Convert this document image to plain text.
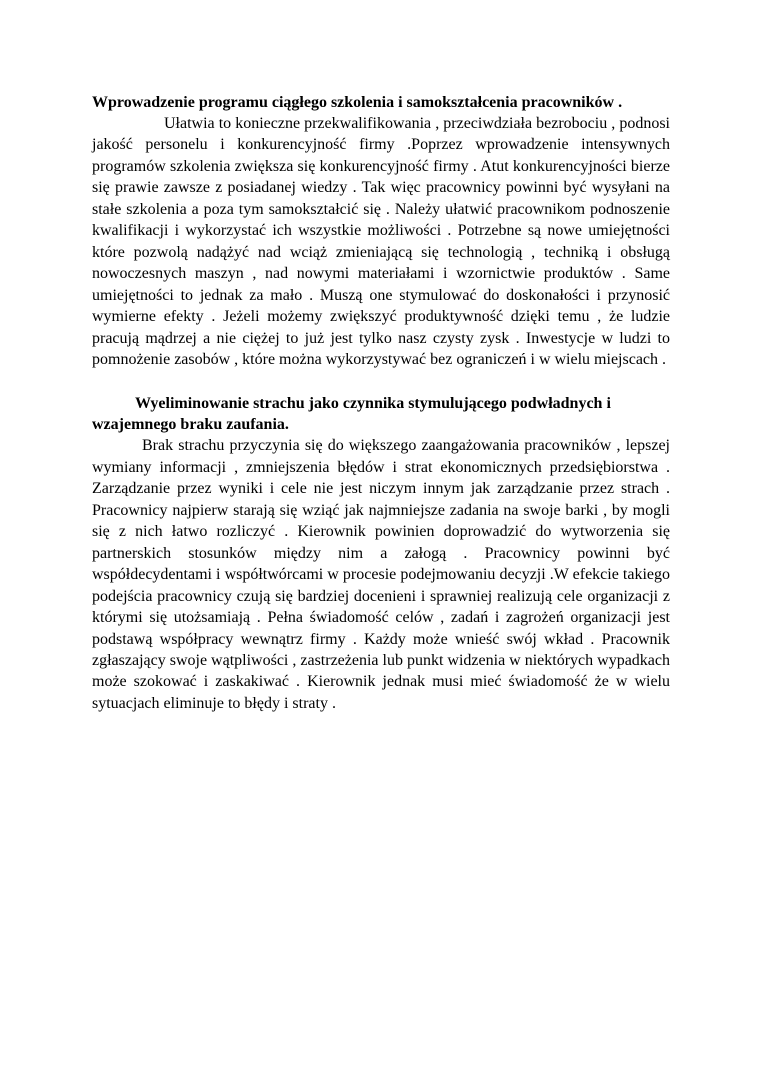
Wprowadzenie programu ciągłego szkolenia i samokształcenia pracowników .

Ułatwia to konieczne przekwalifikowania , przeciwdziała bezrobociu , podnosi jakość personelu i konkurencyjność firmy .Poprzez wprowadzenie intensywnych programów szkolenia zwiększa się konkurencyjność firmy . Atut konkurencyjności bierze się prawie zawsze z posiadanej wiedzy . Tak więc pracownicy powinni być wysyłani na stałe szkolenia a poza tym samokształcić się . Należy ułatwić pracownikom podnoszenie kwalifikacji i wykorzystać ich wszystkie możliwości . Potrzebne są nowe umiejętności które pozwolą nadążyć nad wciąż zmieniającą się technologią , techniką i obsługą nowoczesnych maszyn , nad nowymi materiałami i wzornictwie produktów . Same umiejętności to jednak za mało . Muszą one stymulować do doskonałości i przynosić wymierne efekty . Jeżeli możemy zwiększyć produktywność dzięki temu , że ludzie pracują mądrzej a nie ciężej to już jest tylko nasz czysty zysk . Inwestycje w ludzi to pomnożenie zasobów , które można wykorzystywać bez ograniczeń i w wielu miejscach .

Wyeliminowanie strachu jako czynnika stymulującego podwładnych i wzajemnego braku zaufania.

Brak strachu przyczynia się do większego zaangażowania pracowników , lepszej wymiany informacji , zmniejszenia błędów i strat ekonomicznych przedsiębiorstwa . Zarządzanie przez wyniki i cele nie jest niczym innym jak zarządzanie przez strach . Pracownicy najpierw starają się wziąć jak najmniejsze zadania na swoje barki , by mogli się z nich łatwo rozliczyć . Kierownik powinien doprowadzić do wytworzenia się partnerskich stosunków między nim a załogą . Pracownicy powinni być współdecydentami i współtwórcami w procesie podejmowaniu decyzji .W efekcie takiego podejścia pracownicy czują się bardziej docenieni i sprawniej realizują cele organizacji z którymi się utożsamiają . Pełna świadomość celów , zadań i zagrożeń organizacji jest podstawą współpracy wewnątrz firmy . Każdy może wnieść swój wkład . Pracownik zgłaszający swoje wątpliwości , zastrzeżenia lub punkt widzenia w niektórych wypadkach może szokować i zaskakiwać . Kierownik jednak musi mieć świadomość że w wielu sytuacjach eliminuje to błędy i straty .
